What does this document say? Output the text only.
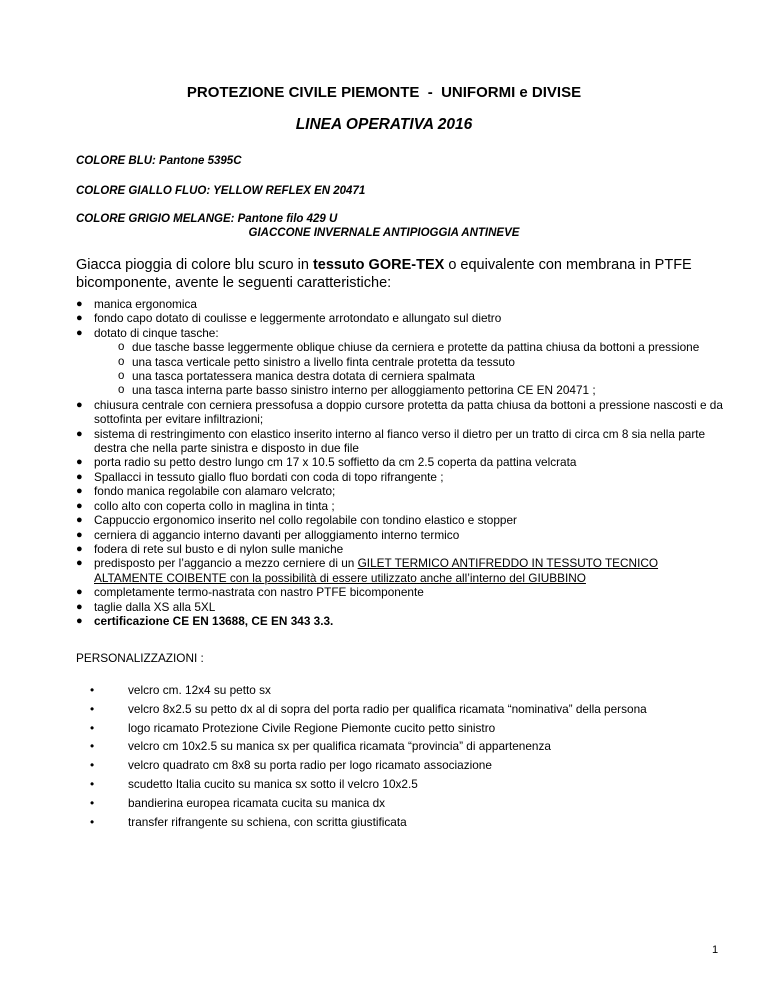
PROTEZIONE CIVILE PIEMONTE  -  UNIFORMI e DIVISE
LINEA OPERATIVA 2016
COLORE BLU: Pantone 5395C
COLORE GIALLO FLUO: YELLOW REFLEX EN 20471
COLORE GRIGIO MELANGE: Pantone filo 429 U
GIACCONE INVERNALE ANTIPIOGGIA ANTINEVE
Giacca pioggia di colore blu scuro in tessuto GORE-TEX o equivalente con membrana in PTFE bicomponente, avente le seguenti caratteristiche:
● manica ergonomica
● fondo capo dotato di coulisse e leggermente arrotondato e allungato sul dietro
● dotato di cinque tasche:
o due tasche basse leggermente oblique chiuse da cerniera e protette da pattina chiusa da bottoni a pressione
o una tasca verticale petto sinistro a livello finta centrale protetta da tessuto
o una tasca portatessera manica destra dotata di cerniera spalmata
o una tasca interna parte basso sinistro interno per alloggiamento pettorina CE EN 20471 ;
● chiusura centrale con cerniera pressofusa a doppio cursore protetta da patta chiusa da bottoni a pressione nascosti e da sottofinta per evitare infiltrazioni;
● sistema di restringimento con elastico inserito interno al fianco verso il dietro per un tratto di circa cm 8 sia nella parte destra che nella parte sinistra e disposto in due file
● porta radio su petto destro lungo cm 17 x 10.5 soffietto da cm 2.5 coperta da pattina velcrata
● Spallacci in tessuto giallo fluo bordati con coda di topo rifrangente ;
● fondo manica regolabile con alamaro velcrato;
● collo alto con coperta collo in maglina in tinta ;
● Cappuccio ergonomico inserito nel collo regolabile con tondino elastico e stopper
● cerniera di aggancio interno davanti per alloggiamento interno termico
● fodera di rete sul busto e di nylon sulle maniche
● predisposto per l’aggancio a mezzo cerniere di un GILET TERMICO ANTIFREDDO IN TESSUTO TECNICO ALTAMENTE COIBENTE con la possibilità di essere utilizzato anche all’interno del GIUBBINO
● completamente termo-nastrata con nastro PTFE bicomponente
● taglie dalla XS alla 5XL
● certificazione CE EN 13688, CE EN 343 3.3.
PERSONALIZZAZIONI :
•	velcro cm. 12x4 su petto sx
•	velcro 8x2.5 su petto dx al di sopra del porta radio per qualifica ricamata “nominativa” della persona
•	logo ricamato Protezione Civile Regione Piemonte cucito petto sinistro
•	velcro cm 10x2.5 su manica sx per qualifica ricamata “provincia” di appartenenza
•	velcro quadrato cm 8x8 su porta radio per logo ricamato associazione
•	scudetto Italia cucito su manica sx sotto il velcro 10x2.5
•	bandierina europea ricamata cucita su manica dx
•	transfer rifrangente su schiena, con scritta giustificata
1
